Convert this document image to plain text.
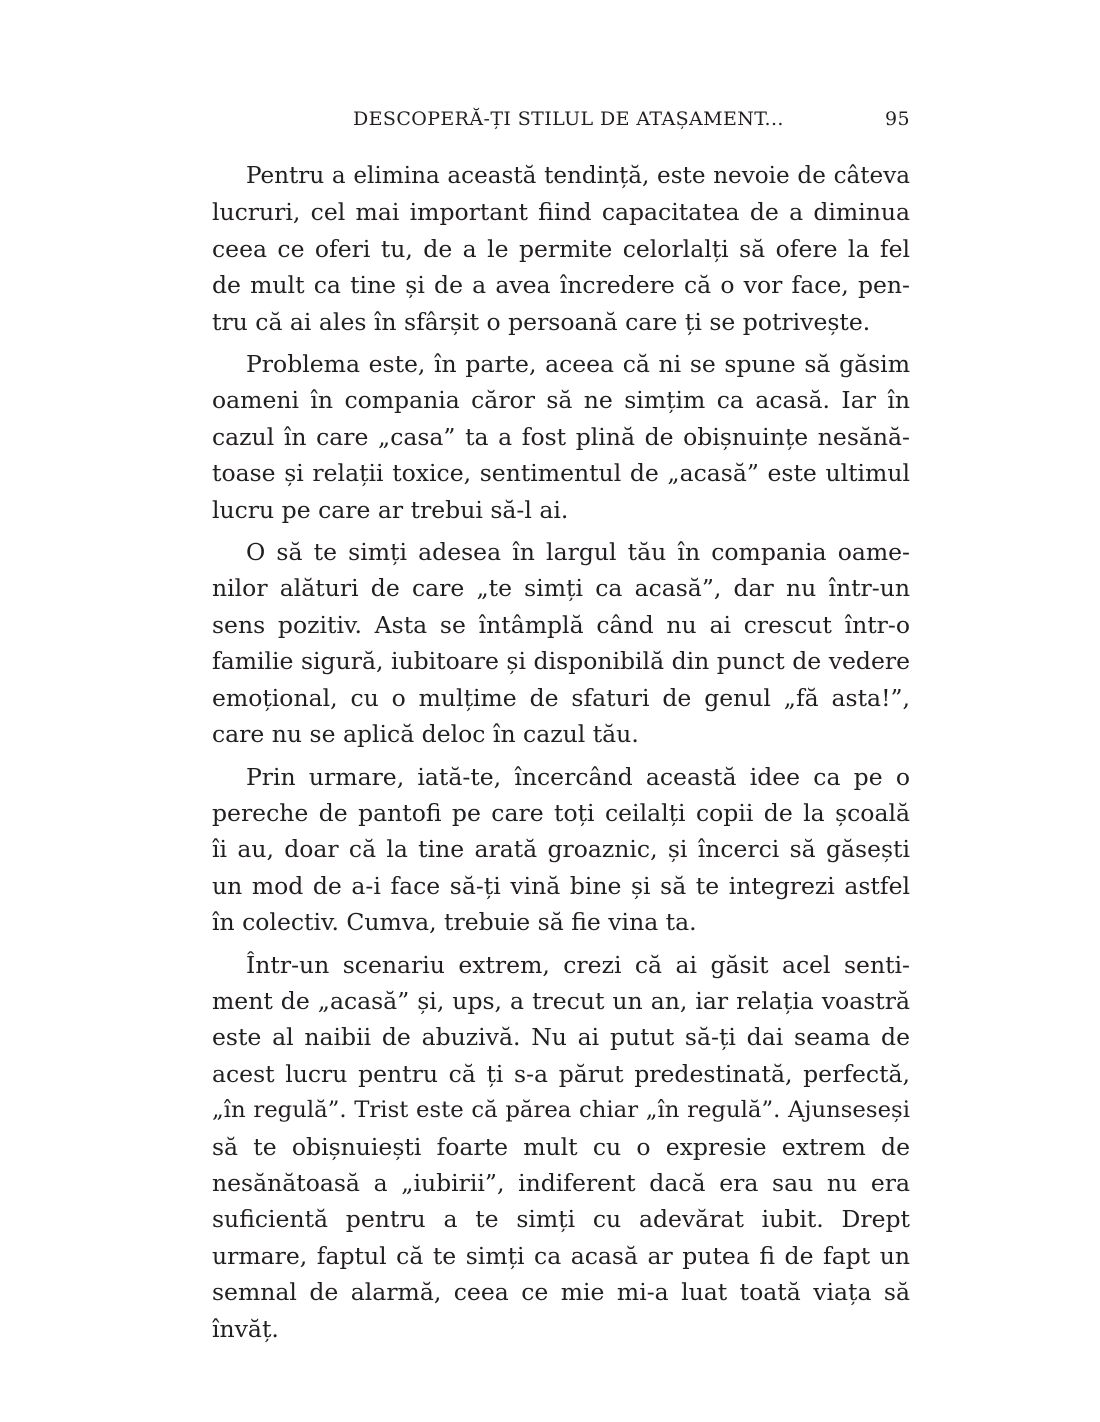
DESCOPERĂ-ȚI STILUL DE ATAȘAMENT...	95
Pentru a elimina această tendință, este nevoie de câteva
lucruri, cel mai important fiind capacitatea de a diminua
ceea ce oferi tu, de a le permite celorlalți să ofere la fel
de mult ca tine și de a avea încredere că o vor face, pen-
tru că ai ales în sfârșit o persoană care ți se potrivește.
Problema este, în parte, aceea că ni se spune să găsim
oameni în compania căror să ne simțim ca acasă. Iar în
cazul în care „casa” ta a fost plină de obișnuințe nesănă-
toase și relații toxice, sentimentul de „acasă” este ultimul
lucru pe care ar trebui să-l ai.
O să te simți adesea în largul tău în compania oame-
nilor alături de care „te simți ca acasă”, dar nu într-un
sens pozitiv. Asta se întâmplă când nu ai crescut într-o
familie sigură, iubitoare și disponibilă din punct de vedere
emoțional, cu o mulțime de sfaturi de genul „fă asta!”,
care nu se aplică deloc în cazul tău.
Prin urmare, iată-te, încercând această idee ca pe o
pereche de pantofi pe care toți ceilalți copii de la școală
îi au, doar că la tine arată groaznic, și încerci să găsești
un mod de a-i face să-ți vină bine și să te integrezi astfel
în colectiv. Cumva, trebuie să fie vina ta.
Într-un scenariu extrem, crezi că ai găsit acel senti-
ment de „acasă” și, ups, a trecut un an, iar relația voastră
este al naibii de abuzivă. Nu ai putut să-ți dai seama de
acest lucru pentru că ți s-a părut predestinată, perfectă,
„în regulă”. Trist este că părea chiar „în regulă”. Ajunseseși
să te obișnuiești foarte mult cu o expresie extrem de
nesănătoasă a „iubirii”, indiferent dacă era sau nu era
suficientă pentru a te simți cu adevărat iubit. Drept
urmare, faptul că te simți ca acasă ar putea fi de fapt un
semnal de alarmă, ceea ce mie mi-a luat toată viața să
învăț.
